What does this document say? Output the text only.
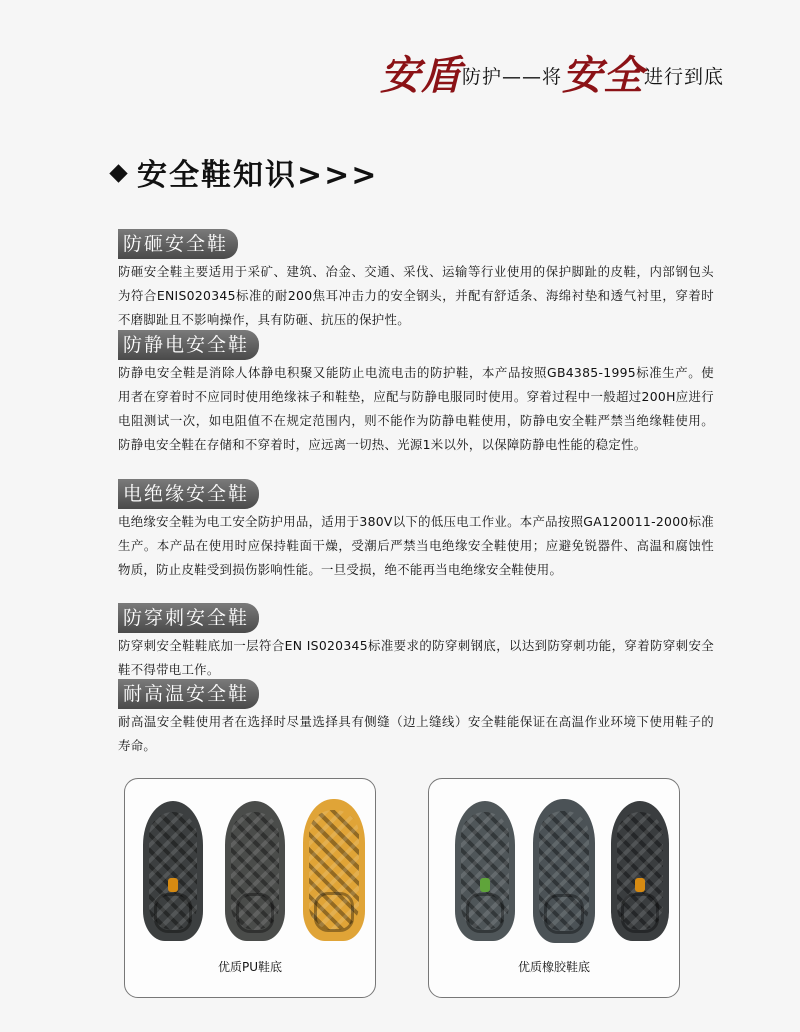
安盾防护——将安全进行到底
安全鞋知识>>>
防砸安全鞋
防砸安全鞋主要适用于采矿、建筑、冶金、交通、采伐、运输等行业使用的保护脚趾的皮鞋，内部钢包头为符合ENIS020345标准的耐200焦耳冲击力的安全钢头，并配有舒适条、海绵衬垫和透气衬里，穿着时不磨脚趾且不影响操作，具有防砸、抗压的保护性。
防静电安全鞋
防静电安全鞋是消除人体静电积聚又能防止电流电击的防护鞋，本产品按照GB4385-1995标准生产。使用者在穿着时不应同时使用绝缘袜子和鞋垫，应配与防静电服同时使用。穿着过程中一般超过200H应进行电阻测试一次，如电阻值不在规定范围内，则不能作为防静电鞋使用，防静电安全鞋严禁当绝缘鞋使用。防静电安全鞋在存储和不穿着时，应远离一切热、光源1米以外，以保障防静电性能的稳定性。
电绝缘安全鞋
电绝缘安全鞋为电工安全防护用品，适用于380V以下的低压电工作业。本产品按照GA120011-2000标准生产。本产品在使用时应保持鞋面干燥，受潮后严禁当电绝缘安全鞋使用；应避免锐器件、高温和腐蚀性物质，防止皮鞋受到损伤影响性能。一旦受损，绝不能再当电绝缘安全鞋使用。
防穿刺安全鞋
防穿刺安全鞋鞋底加一层符合EN IS020345标准要求的防穿刺钢底，以达到防穿刺功能，穿着防穿刺安全鞋不得带电工作。
耐高温安全鞋
耐高温安全鞋使用者在选择时尽量选择具有侧缝（边上缝线）安全鞋能保证在高温作业环境下使用鞋子的寿命。
优质PU鞋底	优质橡胶鞋底
